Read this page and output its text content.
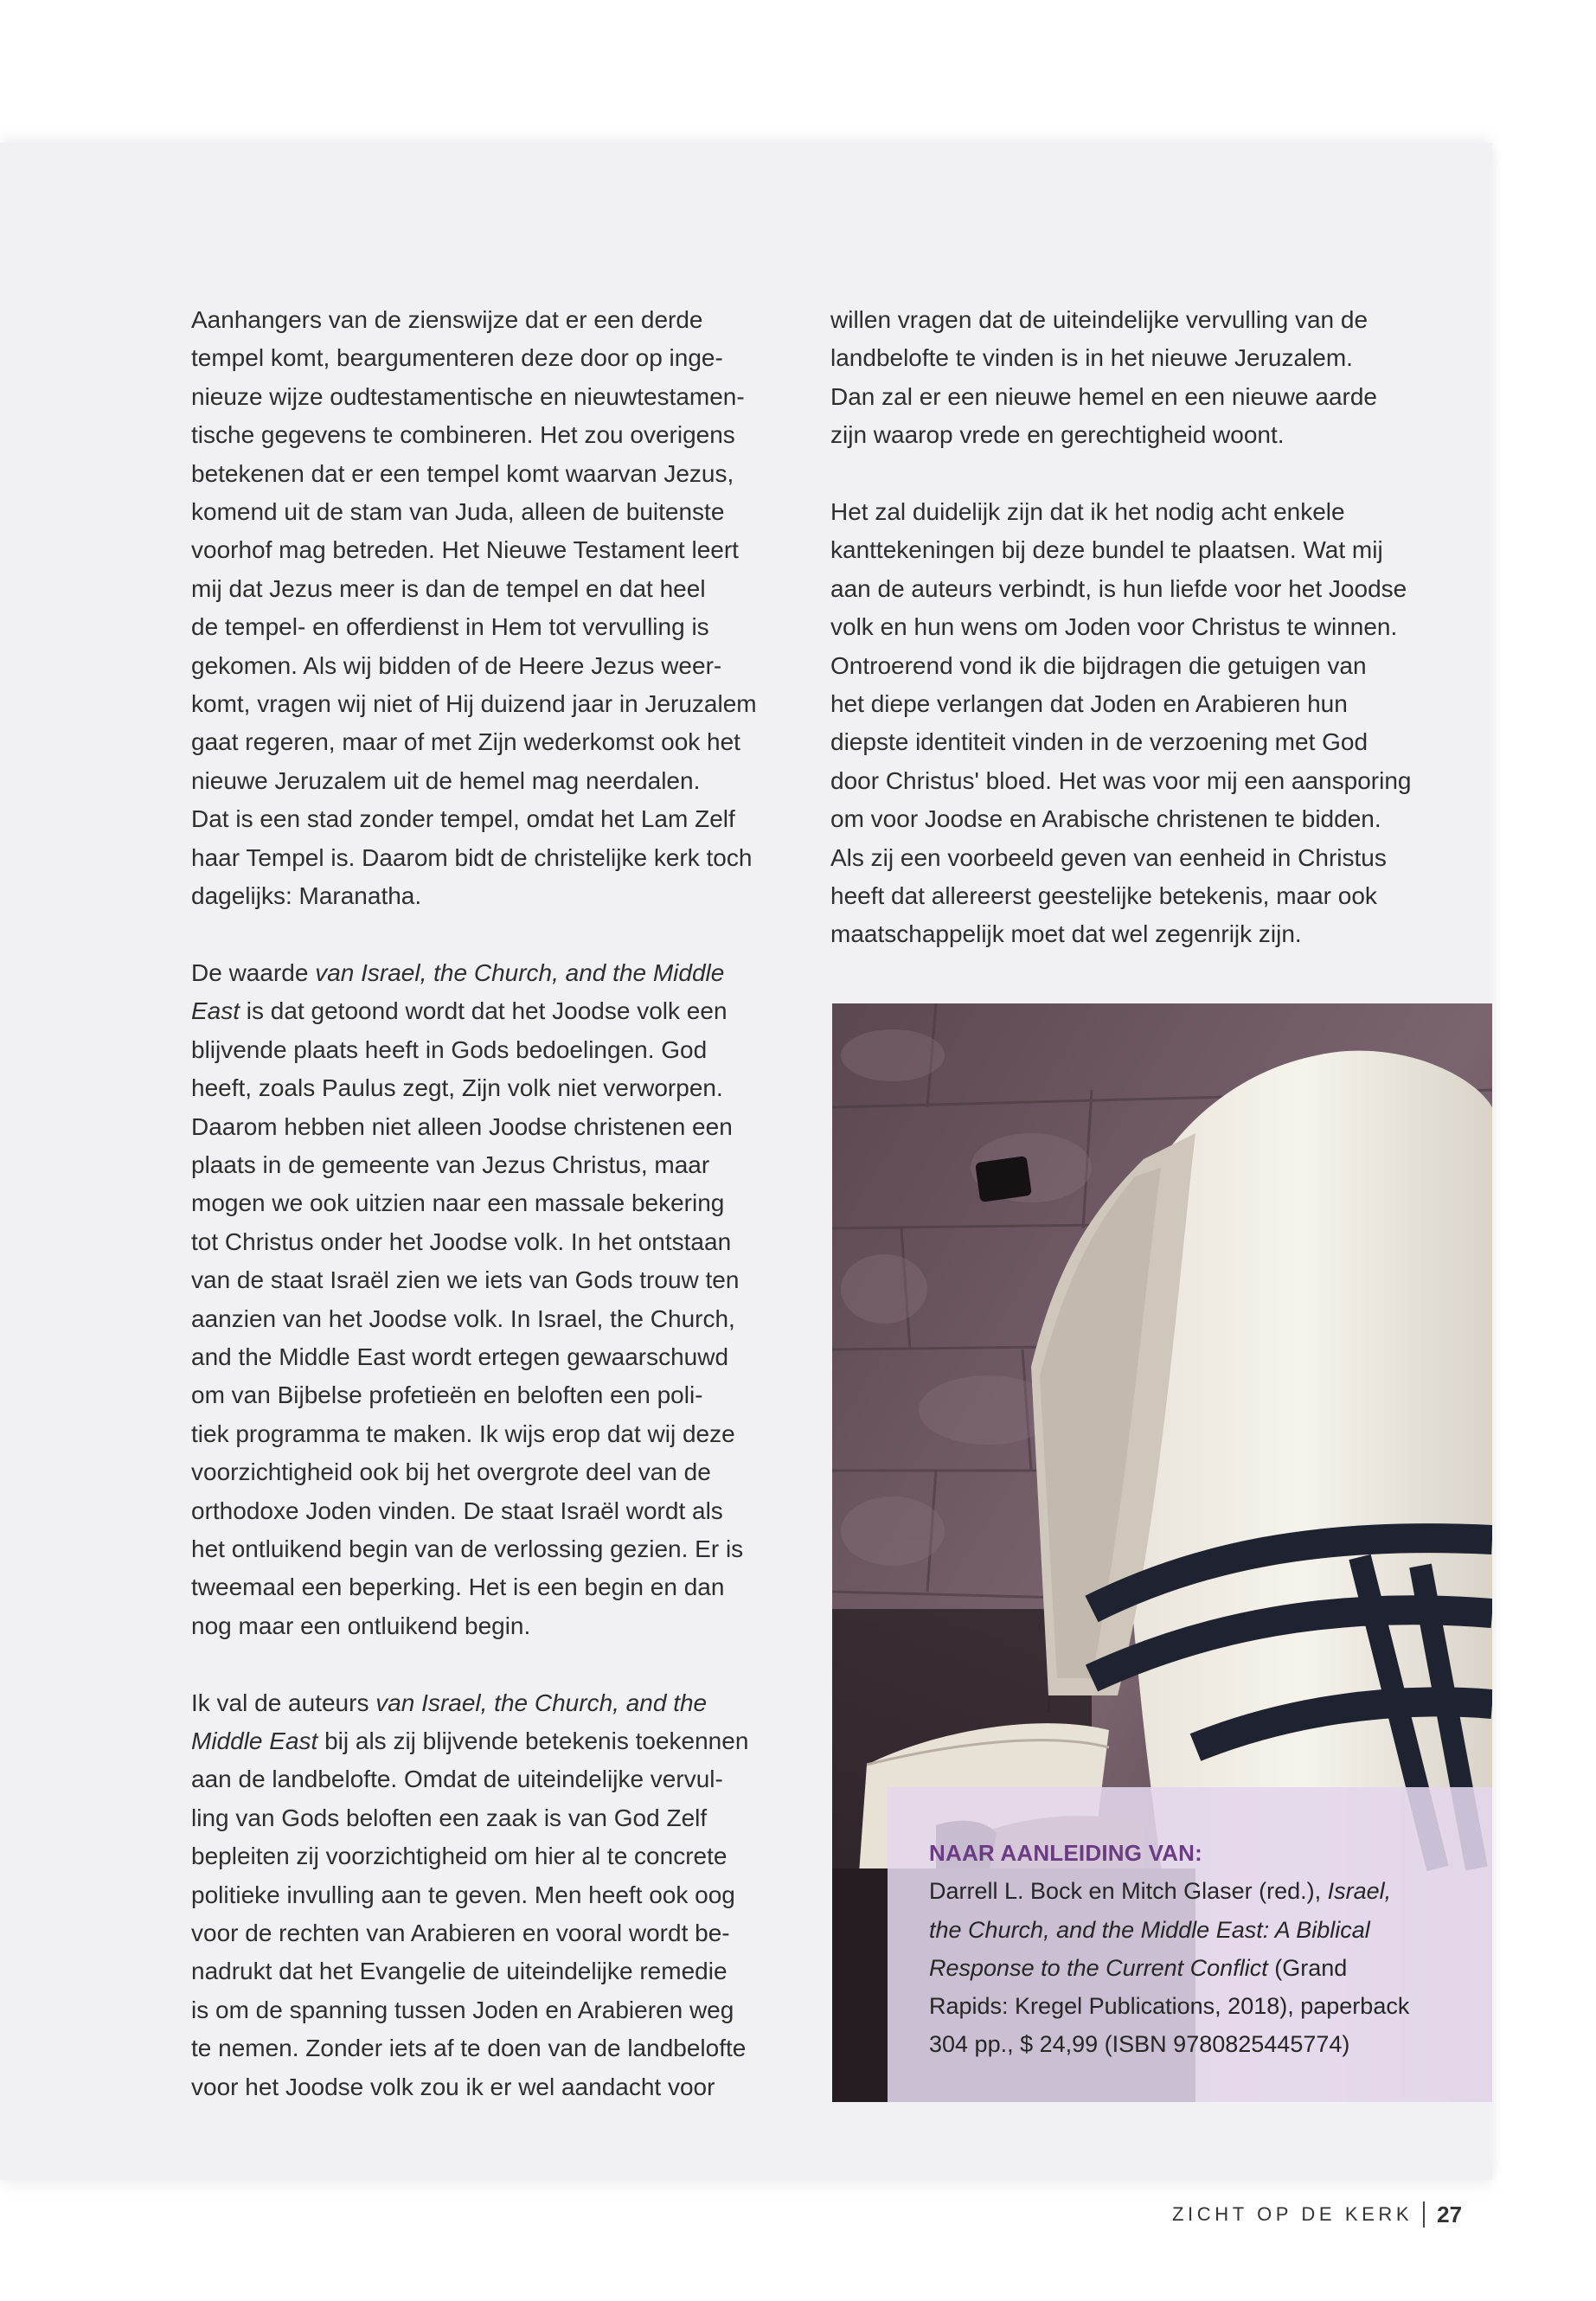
Aanhangers van de zienswijze dat er een derde
tempel komt, beargumenteren deze door op inge-
nieuze wijze oudtestamentische en nieuwtestamen-
tische gegevens te combineren. Het zou overigens
betekenen dat er een tempel komt waarvan Jezus,
komend uit de stam van Juda, alleen de buitenste
voorhof mag betreden. Het Nieuwe Testament leert
mij dat Jezus meer is dan de tempel en dat heel
de tempel- en offerdienst in Hem tot vervulling is
gekomen. Als wij bidden of de Heere Jezus weer-
komt, vragen wij niet of Hij duizend jaar in Jeruzalem
gaat regeren, maar of met Zijn wederkomst ook het
nieuwe Jeruzalem uit de hemel mag neerdalen.
Dat is een stad zonder tempel, omdat het Lam Zelf
haar Tempel is. Daarom bidt de christelijke kerk toch
dagelijks: Maranatha.

De waarde van Israel, the Church, and the Middle
East is dat getoond wordt dat het Joodse volk een
blijvende plaats heeft in Gods bedoelingen. God
heeft, zoals Paulus zegt, Zijn volk niet verworpen.
Daarom hebben niet alleen Joodse christenen een
plaats in de gemeente van Jezus Christus, maar
mogen we ook uitzien naar een massale bekering
tot Christus onder het Joodse volk. In het ontstaan
van de staat Israël zien we iets van Gods trouw ten
aanzien van het Joodse volk. In Israel, the Church,
and the Middle East wordt ertegen gewaarschuwd
om van Bijbelse profetieën en beloften een poli-
tiek programma te maken. Ik wijs erop dat wij deze
voorzichtigheid ook bij het overgrote deel van de
orthodoxe Joden vinden. De staat Israël wordt als
het ontluikend begin van de verlossing gezien. Er is
tweemaal een beperking. Het is een begin en dan
nog maar een ontluikend begin.

Ik val de auteurs van Israel, the Church, and the
Middle East bij als zij blijvende betekenis toekennen
aan de landbelofte. Omdat de uiteindelijke vervul-
ling van Gods beloften een zaak is van God Zelf
bepleiten zij voorzichtigheid om hier al te concrete
politieke invulling aan te geven. Men heeft ook oog
voor de rechten van Arabieren en vooral wordt be-
nadrukt dat het Evangelie de uiteindelijke remedie
is om de spanning tussen Joden en Arabieren weg
te nemen. Zonder iets af te doen van de landbelofte
voor het Joodse volk zou ik er wel aandacht voor

willen vragen dat de uiteindelijke vervulling van de
landbelofte te vinden is in het nieuwe Jeruzalem.
Dan zal er een nieuwe hemel en een nieuwe aarde
zijn waarop vrede en gerechtigheid woont.

Het zal duidelijk zijn dat ik het nodig acht enkele
kanttekeningen bij deze bundel te plaatsen. Wat mij
aan de auteurs verbindt, is hun liefde voor het Joodse
volk en hun wens om Joden voor Christus te winnen.
Ontroerend vond ik die bijdragen die getuigen van
het diepe verlangen dat Joden en Arabieren hun
diepste identiteit vinden in de verzoening met God
door Christus' bloed. Het was voor mij een aansporing
om voor Joodse en Arabische christenen te bidden.
Als zij een voorbeeld geven van eenheid in Christus
heeft dat allereerst geestelijke betekenis, maar ook
maatschappelijk moet dat wel zegenrijk zijn.

NAAR AANLEIDING VAN:
Darrell L. Bock en Mitch Glaser (red.), Israel,
the Church, and the Middle East: A Biblical
Response to the Current Conflict (Grand
Rapids: Kregel Publications, 2018), paperback
304 pp., $ 24,99 (ISBN 9780825445774)
ZICHT OP DE KERK 27
